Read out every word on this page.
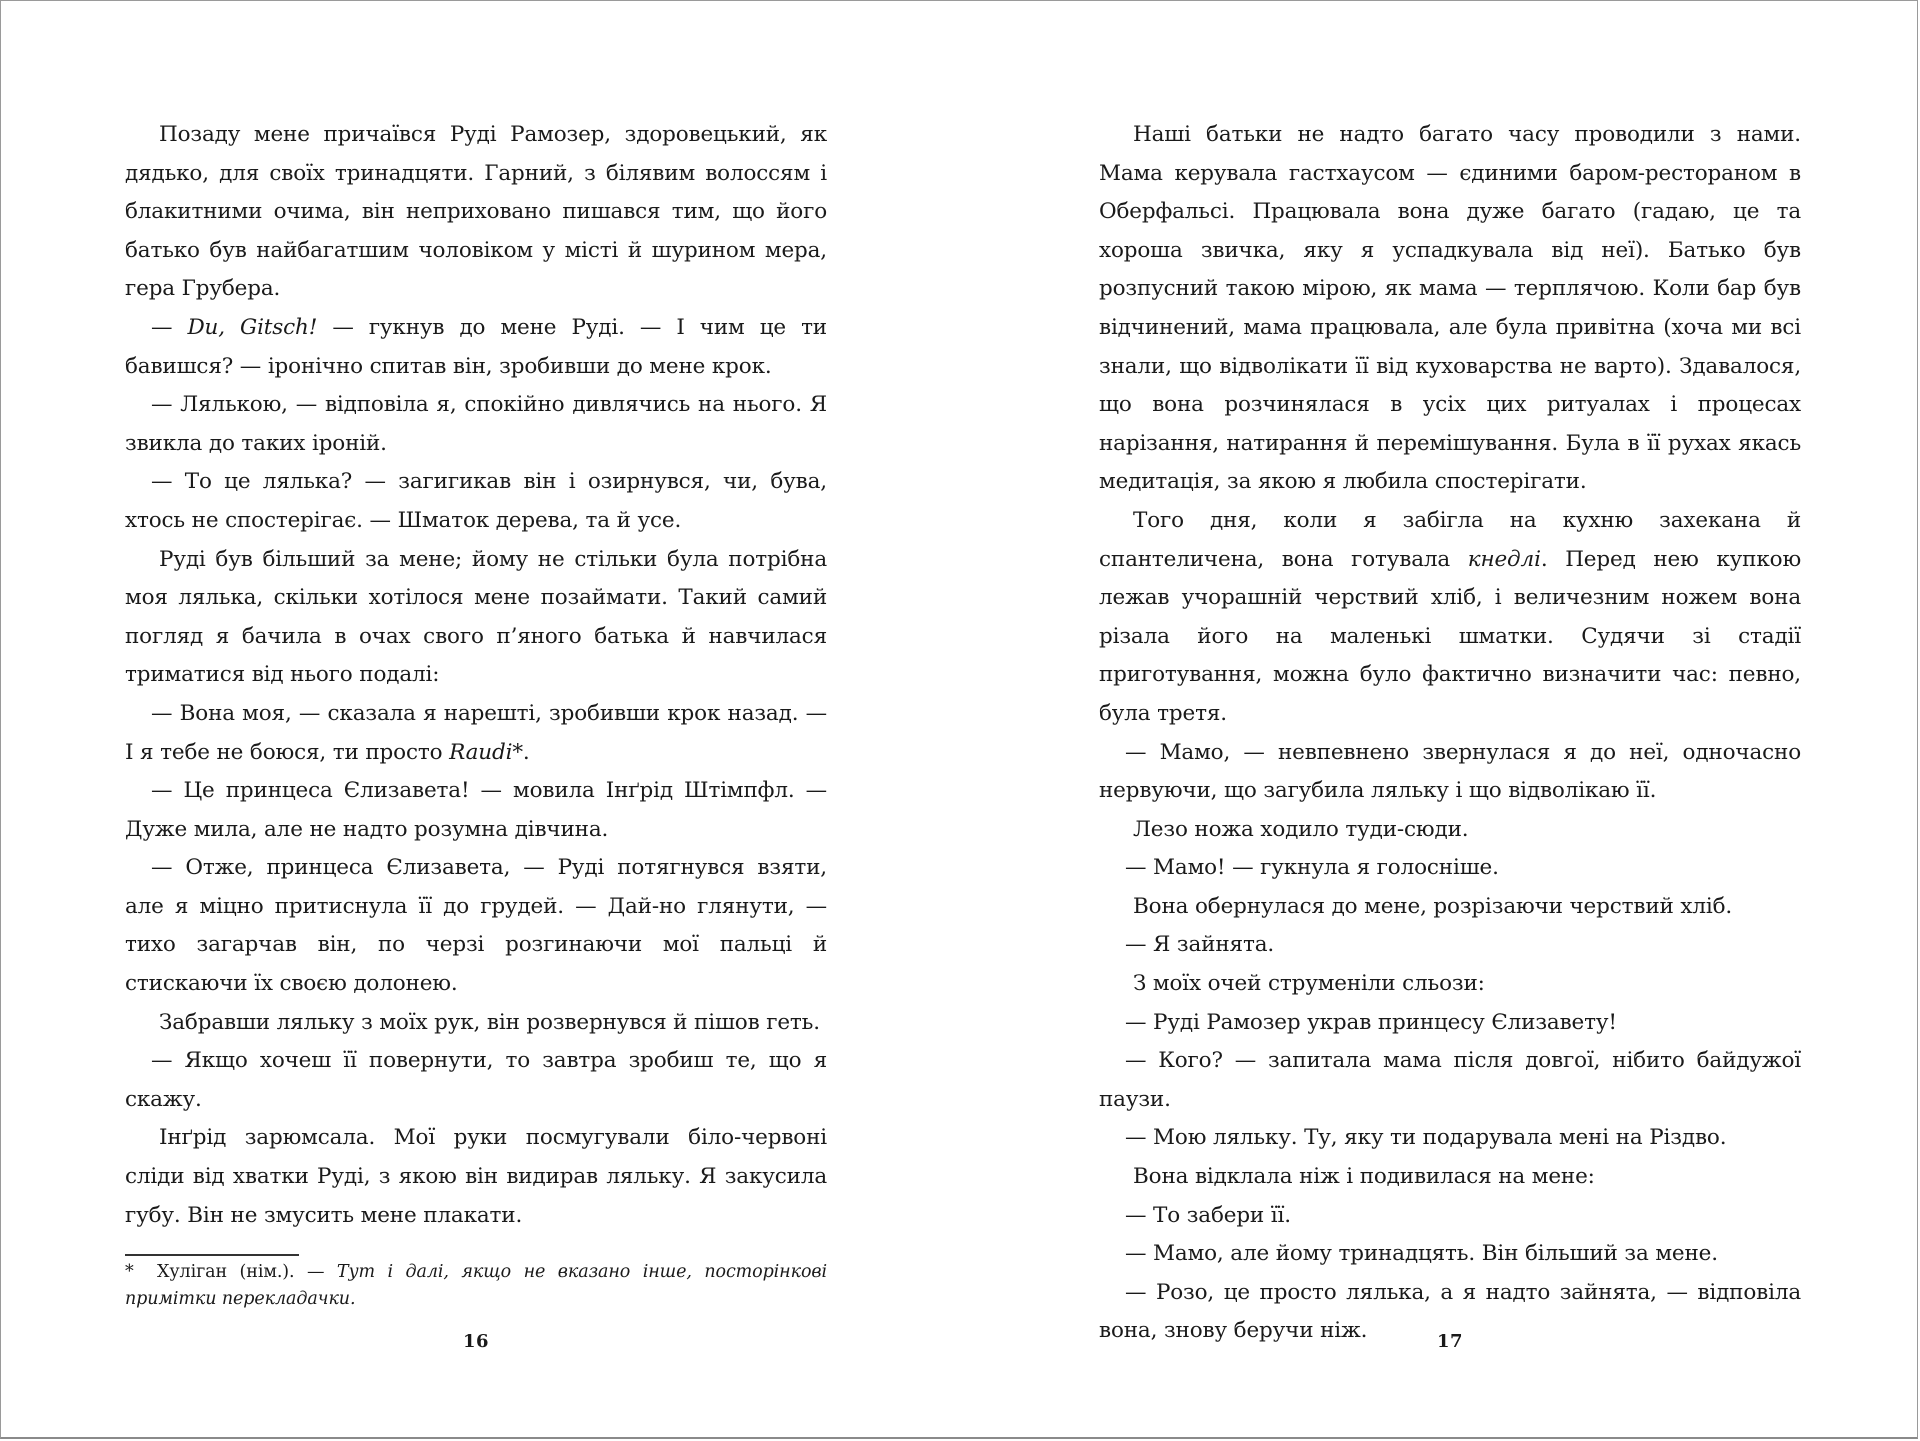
Позаду мене причаївся Руді Рамозер, здоровецький, як дядько, для своїх тринадцяти. Гарний, з білявим волоссям і блакитними очима, він неприховано пишався тим, що його батько був найбагатшим чоловіком у місті й шурином мера, гера Грубера.

— Du, Gitsch! — гукнув до мене Руді. — І чим це ти бавишся? — іронічно спитав він, зробивши до мене крок.

— Лялькою, — відповіла я, спокійно дивлячись на нього. Я звикла до таких іроній.

— То це лялька? — загигикав він і озирнувся, чи, бува, хтось не спостерігає. — Шматок дерева, та й усе.

Руді був більший за мене; йому не стільки була потрібна моя лялька, скільки хотілося мене позаймати. Такий самий погляд я бачила в очах свого п’яного батька й навчилася триматися від нього подалі:

— Вона моя, — сказала я нарешті, зробивши крок назад. — І я тебе не боюся, ти просто Raudi*.

— Це принцеса Єлизавета! — мовила Інґрід Штімпфл. — Дуже мила, але не надто розумна дівчина.

— Отже, принцеса Єлизавета, — Руді потягнувся взяти, але я міцно притиснула її до грудей. — Дай-но глянути, — тихо загарчав він, по черзі розгинаючи мої пальці й стискаючи їх своєю долонею.

Забравши ляльку з моїх рук, він розвернувся й пішов геть.

— Якщо хочеш її повернути, то завтра зробиш те, що я скажу.

Інґрід зарюмсала. Мої руки посмугували біло-червоні сліди від хватки Руді, з якою він видирав ляльку. Я закусила губу. Він не змусить мене плакати.

* Хуліган (нім.). — Тут і далі, якщо не вказано інше, посторінкові примітки перекладачки.
16

Наші батьки не надто багато часу проводили з нами. Мама керувала гастхаусом — єдиними баром-рестораном в Оберфальсі. Працювала вона дуже багато (гадаю, це та хороша звичка, яку я успадкувала від неї). Батько був розпусний такою мірою, як мама — терплячою. Коли бар був відчинений, мама працювала, але була привітна (хоча ми всі знали, що відволікати її від куховарства не варто). Здавалося, що вона розчинялася в усіх цих ритуалах і процесах нарізання, натирання й перемішування. Була в її рухах якась медитація, за якою я любила спостерігати.

Того дня, коли я забігла на кухню захекана й спантеличена, вона готувала кнедлі. Перед нею купкою лежав учорашній черствий хліб, і величезним ножем вона різала його на маленькі шматки. Судячи зі стадії приготування, можна було фактично визначити час: певно, була третя.

— Мамо, — невпевнено звернулася я до неї, одночасно нервуючи, що загубила ляльку і що відволікаю її.

Лезо ножа ходило туди-сюди.

— Мамо! — гукнула я голосніше.

Вона обернулася до мене, розрізаючи черствий хліб.

— Я зайнята.

З моїх очей струменіли сльози:

— Руді Рамозер украв принцесу Єлизавету!

— Кого? — запитала мама після довгої, нібито байдужої паузи.

— Мою ляльку. Ту, яку ти подарувала мені на Різдво.

Вона відклала ніж і подивилася на мене:

— То забери її.

— Мамо, але йому тринадцять. Він більший за мене.

— Розо, це просто лялька, а я надто зайнята, — відповіла вона, знову беручи ніж.	17
